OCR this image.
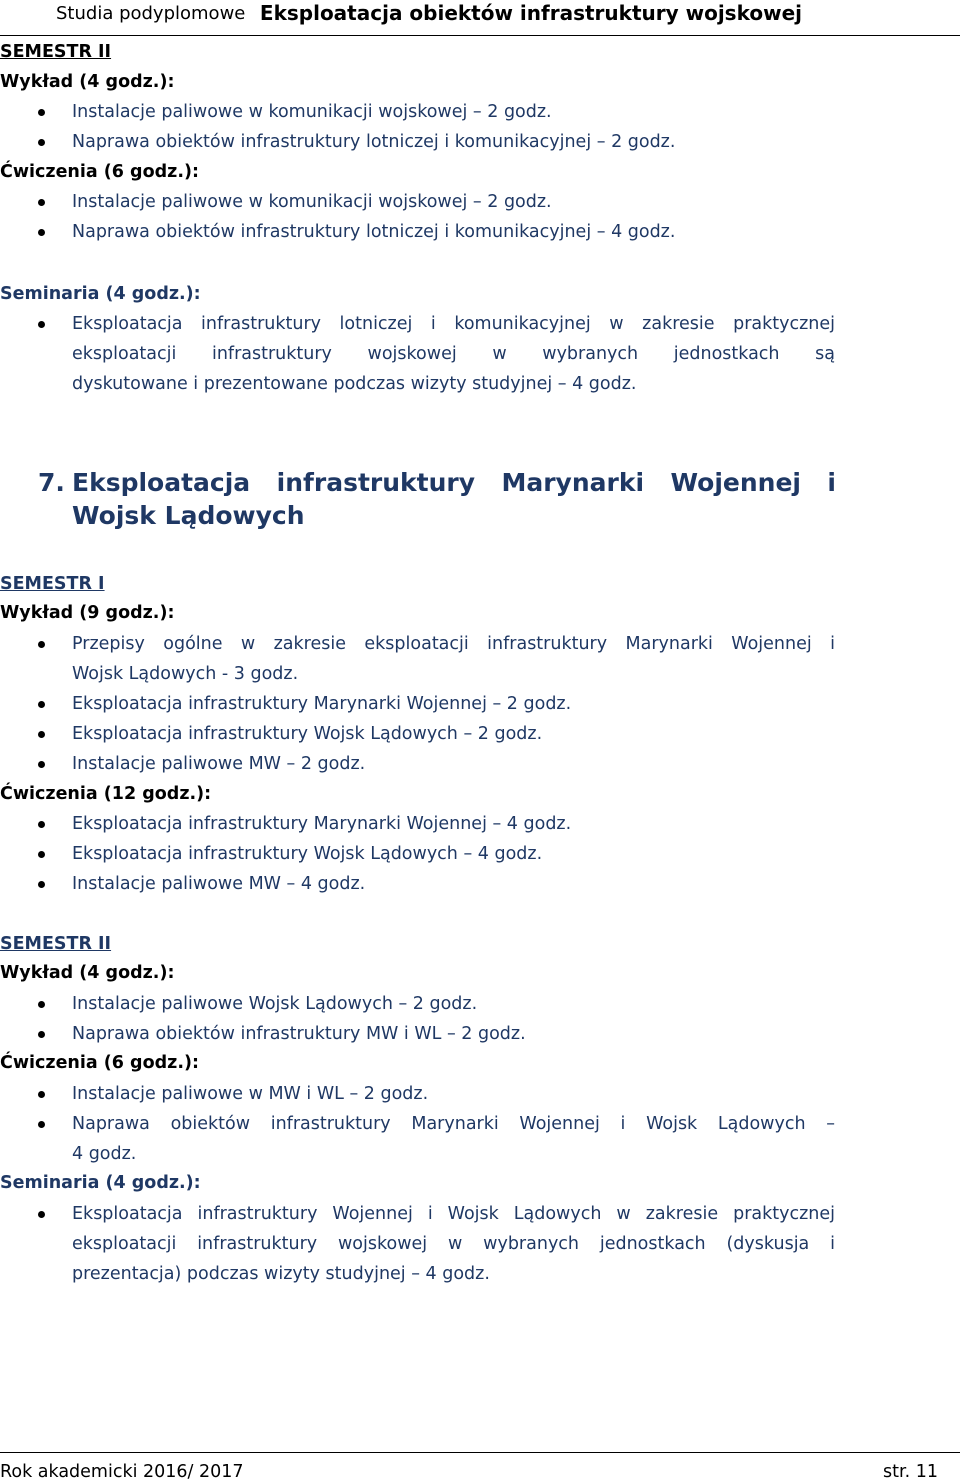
Studia podyplomowe Eksploatacja obiektów infrastruktury wojskowej
SEMESTR II
Wykład (4 godz.):
Instalacje paliwowe w komunikacji wojskowej – 2 godz.
Naprawa obiektów infrastruktury lotniczej i komunikacyjnej – 2 godz.
Ćwiczenia (6 godz.):
Instalacje paliwowe w komunikacji wojskowej – 2 godz.
Naprawa obiektów infrastruktury lotniczej i komunikacyjnej – 4 godz.
Seminaria (4 godz.):
Eksploatacja infrastruktury lotniczej i komunikacyjnej w zakresie praktycznej
eksploatacji infrastruktury wojskowej w wybranych jednostkach są
dyskutowane i prezentowane podczas wizyty studyjnej – 4 godz.
7. Eksploatacja infrastruktury Marynarki Wojennej i
Wojsk Lądowych
SEMESTR I
Wykład (9 godz.):
Przepisy ogólne w zakresie eksploatacji infrastruktury Marynarki Wojennej i
Wojsk Lądowych - 3 godz.
Eksploatacja infrastruktury Marynarki Wojennej – 2 godz.
Eksploatacja infrastruktury Wojsk Lądowych – 2 godz.
Instalacje paliwowe MW – 2 godz.
Ćwiczenia (12 godz.):
Eksploatacja infrastruktury Marynarki Wojennej – 4 godz.
Eksploatacja infrastruktury Wojsk Lądowych – 4 godz.
Instalacje paliwowe MW – 4 godz.
SEMESTR II
Wykład (4 godz.):
Instalacje paliwowe Wojsk Lądowych – 2 godz.
Naprawa obiektów infrastruktury MW i WL – 2 godz.
Ćwiczenia (6 godz.):
Instalacje paliwowe w MW i WL – 2 godz.
Naprawa obiektów infrastruktury Marynarki Wojennej i Wojsk Lądowych –
4 godz.
Seminaria (4 godz.):
Eksploatacja infrastruktury Wojennej i Wojsk Lądowych w zakresie praktycznej
eksploatacji infrastruktury wojskowej w wybranych jednostkach (dyskusja i
prezentacja) podczas wizyty studyjnej – 4 godz.
Rok akademicki 2016/ 2017	str. 11
